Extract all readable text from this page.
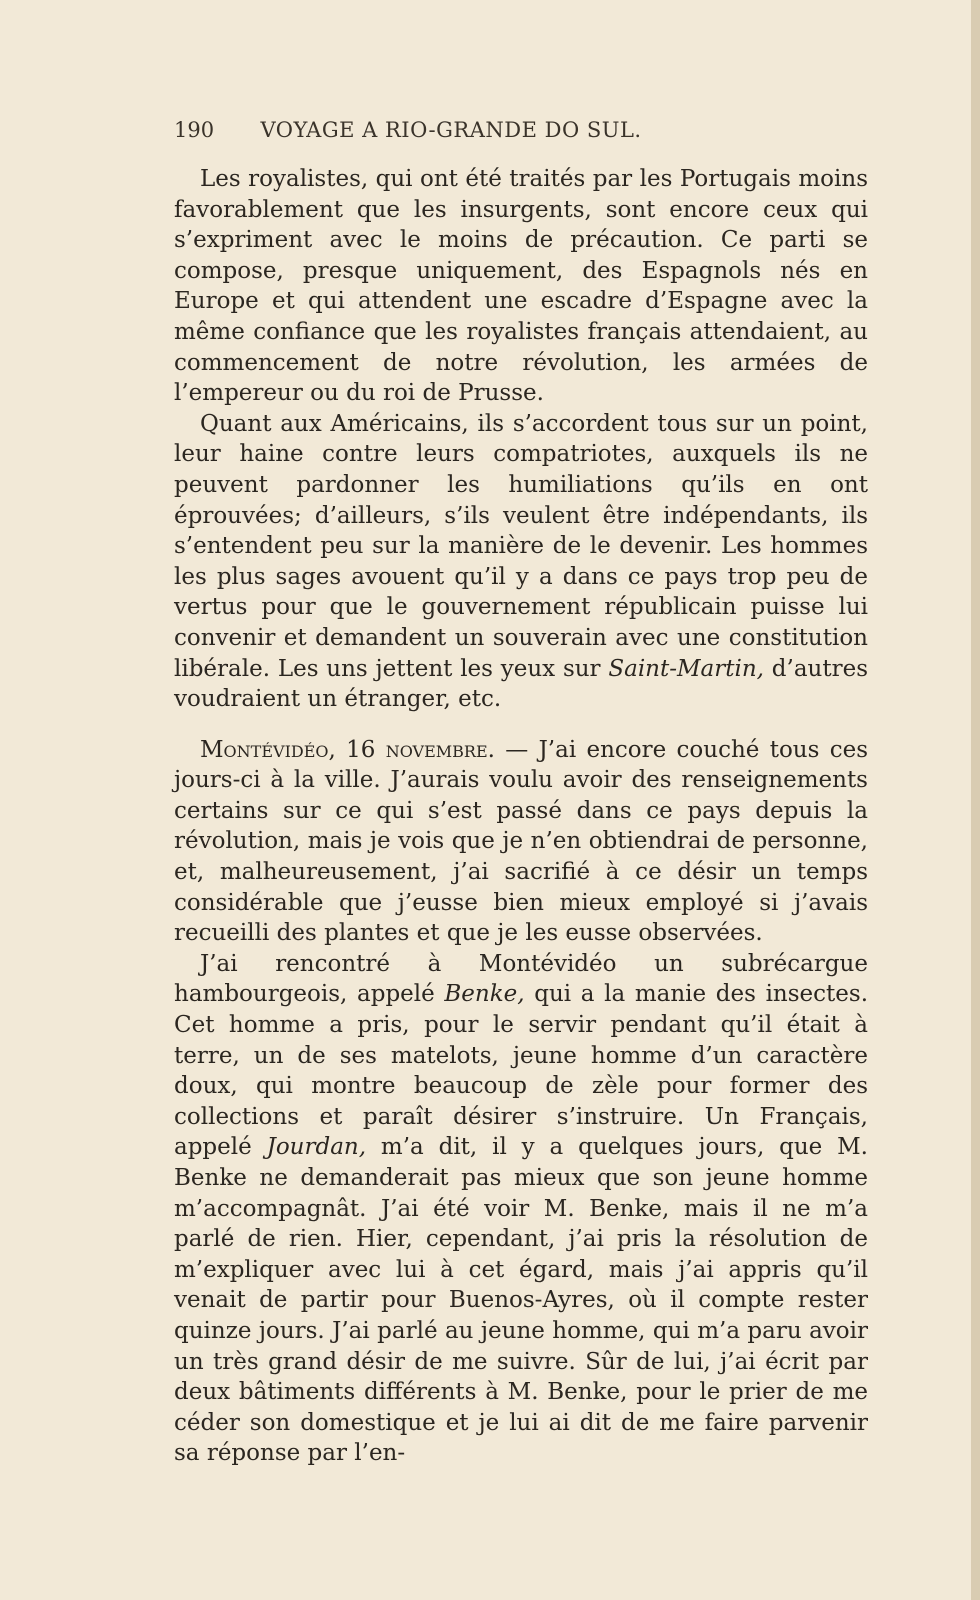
190	VOYAGE A RIO-GRANDE DO SUL.

Les royalistes, qui ont été traités par les Portugais moins favorablement que les insurgents, sont encore ceux qui s’expriment avec le moins de précaution. Ce parti se compose, presque uniquement, des Espagnols nés en Europe et qui attendent une escadre d’Espagne avec la même confiance que les royalistes français attendaient, au commencement de notre révolution, les armées de l’empereur ou du roi de Prusse.

Quant aux Américains, ils s’accordent tous sur un point, leur haine contre leurs compatriotes, auxquels ils ne peuvent pardonner les humiliations qu’ils en ont éprouvées; d’ailleurs, s’ils veulent être indépendants, ils s’entendent peu sur la manière de le devenir. Les hommes les plus sages avouent qu’il y a dans ce pays trop peu de vertus pour que le gouvernement républicain puisse lui convenir et demandent un souverain avec une constitution libérale. Les uns jettent les yeux sur Saint-Martin, d’autres voudraient un étranger, etc.

Montévidéo, 16 novembre. — J’ai encore couché tous ces jours-ci à la ville. J’aurais voulu avoir des renseignements certains sur ce qui s’est passé dans ce pays depuis la révolution, mais je vois que je n’en obtiendrai de personne, et, malheureusement, j’ai sacrifié à ce désir un temps considérable que j’eusse bien mieux employé si j’avais recueilli des plantes et que je les eusse observées.

J’ai rencontré à Montévidéo un subrécargue hambourgeois, appelé Benke, qui a la manie des insectes. Cet homme a pris, pour le servir pendant qu’il était à terre, un de ses matelots, jeune homme d’un caractère doux, qui montre beaucoup de zèle pour former des collections et paraît désirer s’instruire. Un Français, appelé Jourdan, m’a dit, il y a quelques jours, que M. Benke ne demanderait pas mieux que son jeune homme m’accompagnât. J’ai été voir M. Benke, mais il ne m’a parlé de rien. Hier, cependant, j’ai pris la résolution de m’expliquer avec lui à cet égard, mais j’ai appris qu’il venait de partir pour Buenos-Ayres, où il compte rester quinze jours. J’ai parlé au jeune homme, qui m’a paru avoir un très grand désir de me suivre. Sûr de lui, j’ai écrit par deux bâtiments différents à M. Benke, pour le prier de me céder son domestique et je lui ai dit de me faire parvenir sa réponse par l’en-
